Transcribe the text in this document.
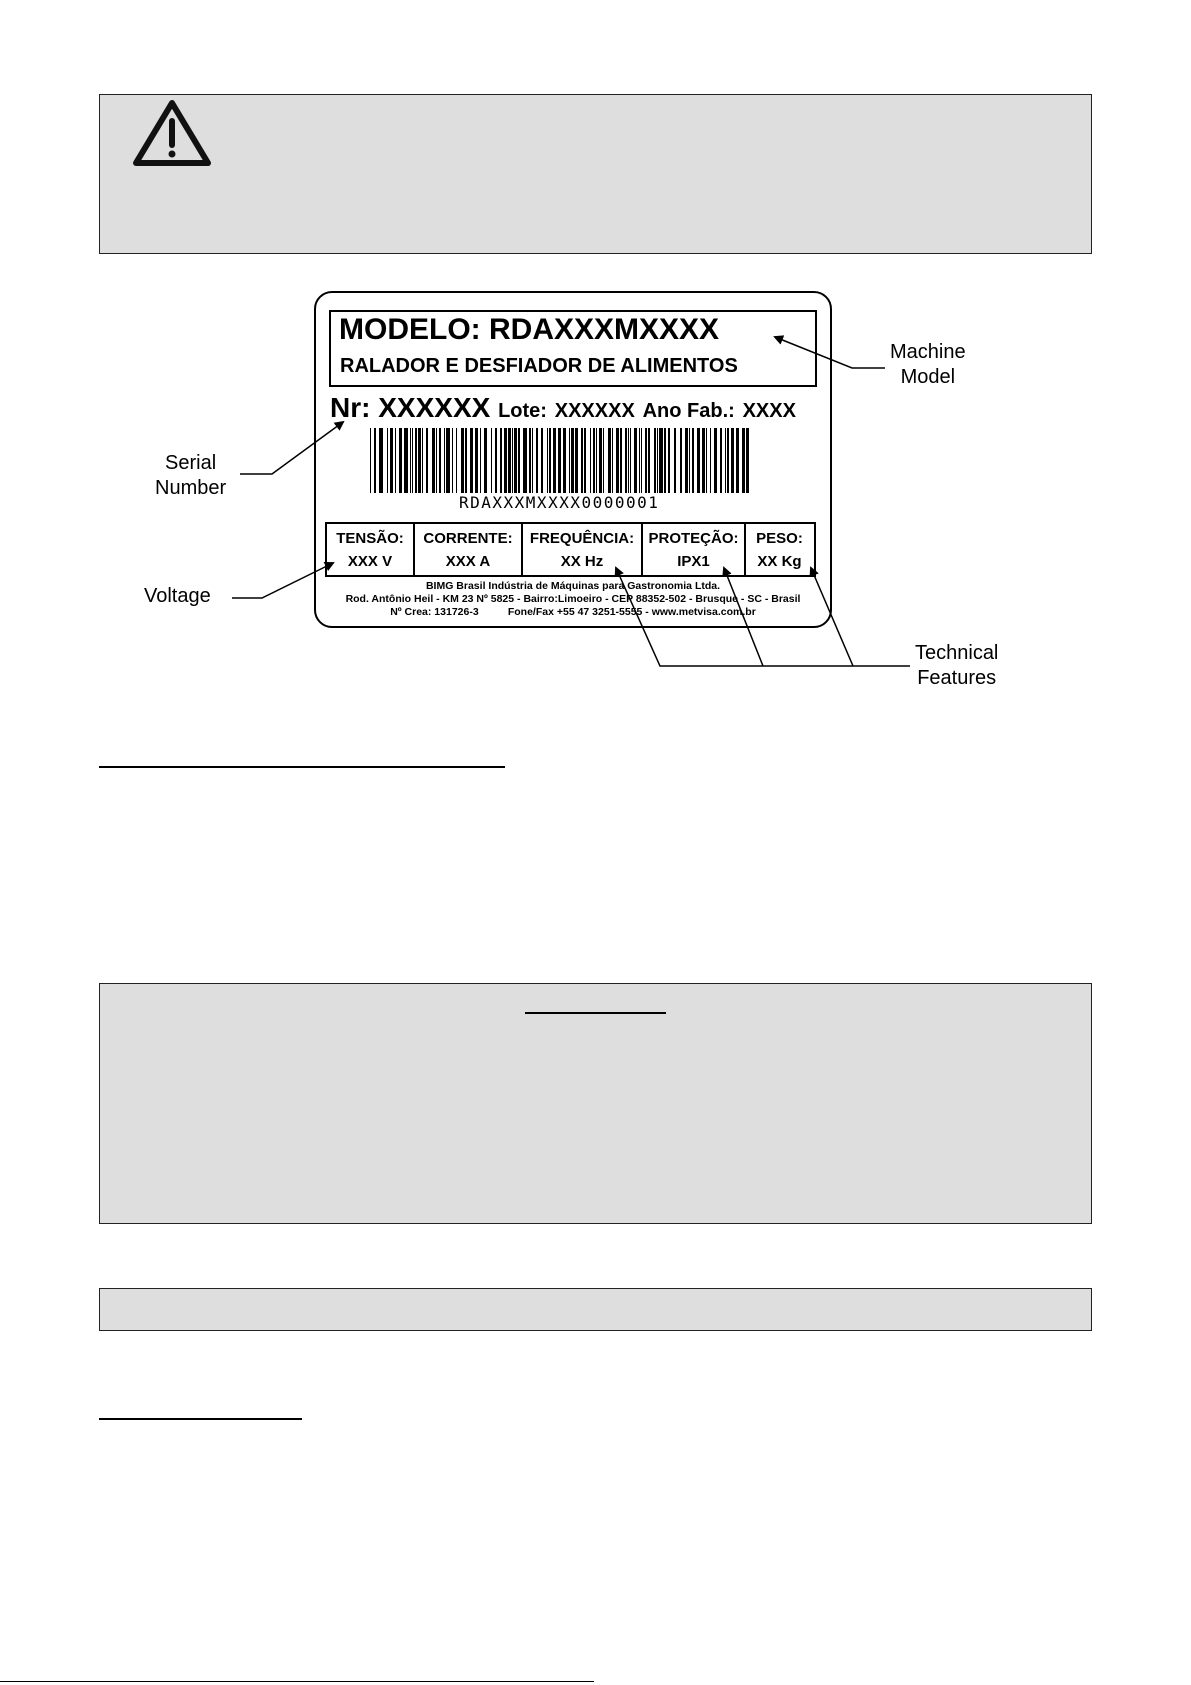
MODELO: RDAXXXMXXXX
RALADOR E DESFIADOR DE ALIMENTOS
Nr: XXXXXX Lote: XXXXXX Ano Fab.: XXXX
RDAXXXMXXXX0000001
TENSÃO:
XXX V
CORRENTE:
XXX A
FREQUÊNCIA:
XX Hz
PROTEÇÃO:
IPX1
PESO:
XX Kg
BIMG Brasil Indústria de Máquinas para Gastronomia Ltda.
Rod. Antônio Heil - KM 23 Nº 5825 - Bairro:Limoeiro - CEP 88352-502 - Brusque - SC - Brasil
Nº Crea: 131726-3          Fone/Fax +55 47 3251-5555 - www.metvisa.com.br
Machine
Model
Serial
Number
Voltage
Technical
Features
